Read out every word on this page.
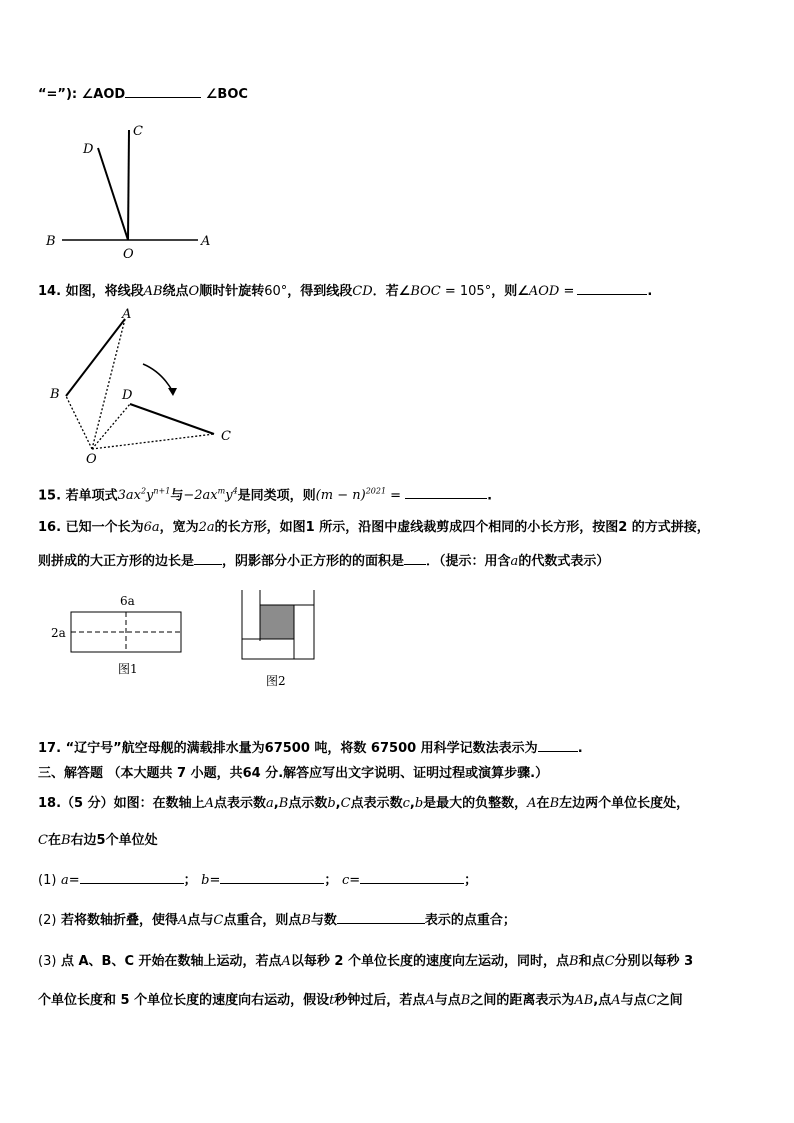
“=”): ∠AOD	∠BOC
D
C
B
O
A
14. 如图，将线段AB绕点O顺时针旋转60°，得到线段CD．若∠BOC = 105°，则∠AOD =	.
A
B	D
C
O
15. 若单项式$3ax^2y^{n+1}$与$-2ax^my^4$是同类项，则$(m - n)^{2021}$ =	.
16. 已知一个长为6a，宽为2a的长方形，如图1 所示，沿图中虚线裁剪成四个相同的小长方形，按图2 的方式拼接，
则拼成的大正方形的边长是 ，阴影部分小正方形的的面积是 ．（提示：用含a的代数式表示）
6a
2a
图1
图2
17. “辽宁号”航空母舰的满载排水量为67500 吨，将数 67500 用科学记数法表示为	.
三、解答题 （本大题共 7 小题，共64 分.解答应写出文字说明、证明过程或演算步骤.）
18.（5 分）如图：在数轴上A点表示数a,B点示数b,C点表示数c,b是最大的负整数，A在B左边两个单位长度处，
C在B右边5个单位处
(1) a=	； b=	； c=	；
(2) 若将数轴折叠，使得A点与C点重合，则点B与数	表示的点重合；
(3) 点 A、B、C 开始在数轴上运动，若点A以每秒 2 个单位长度的速度向左运动，同时，点B和点C分别以每秒 3
个单位长度和 5 个单位长度的速度向右运动，假设t秒钟过后，若点A与点B之间的距离表示为AB,点A与点C之间
